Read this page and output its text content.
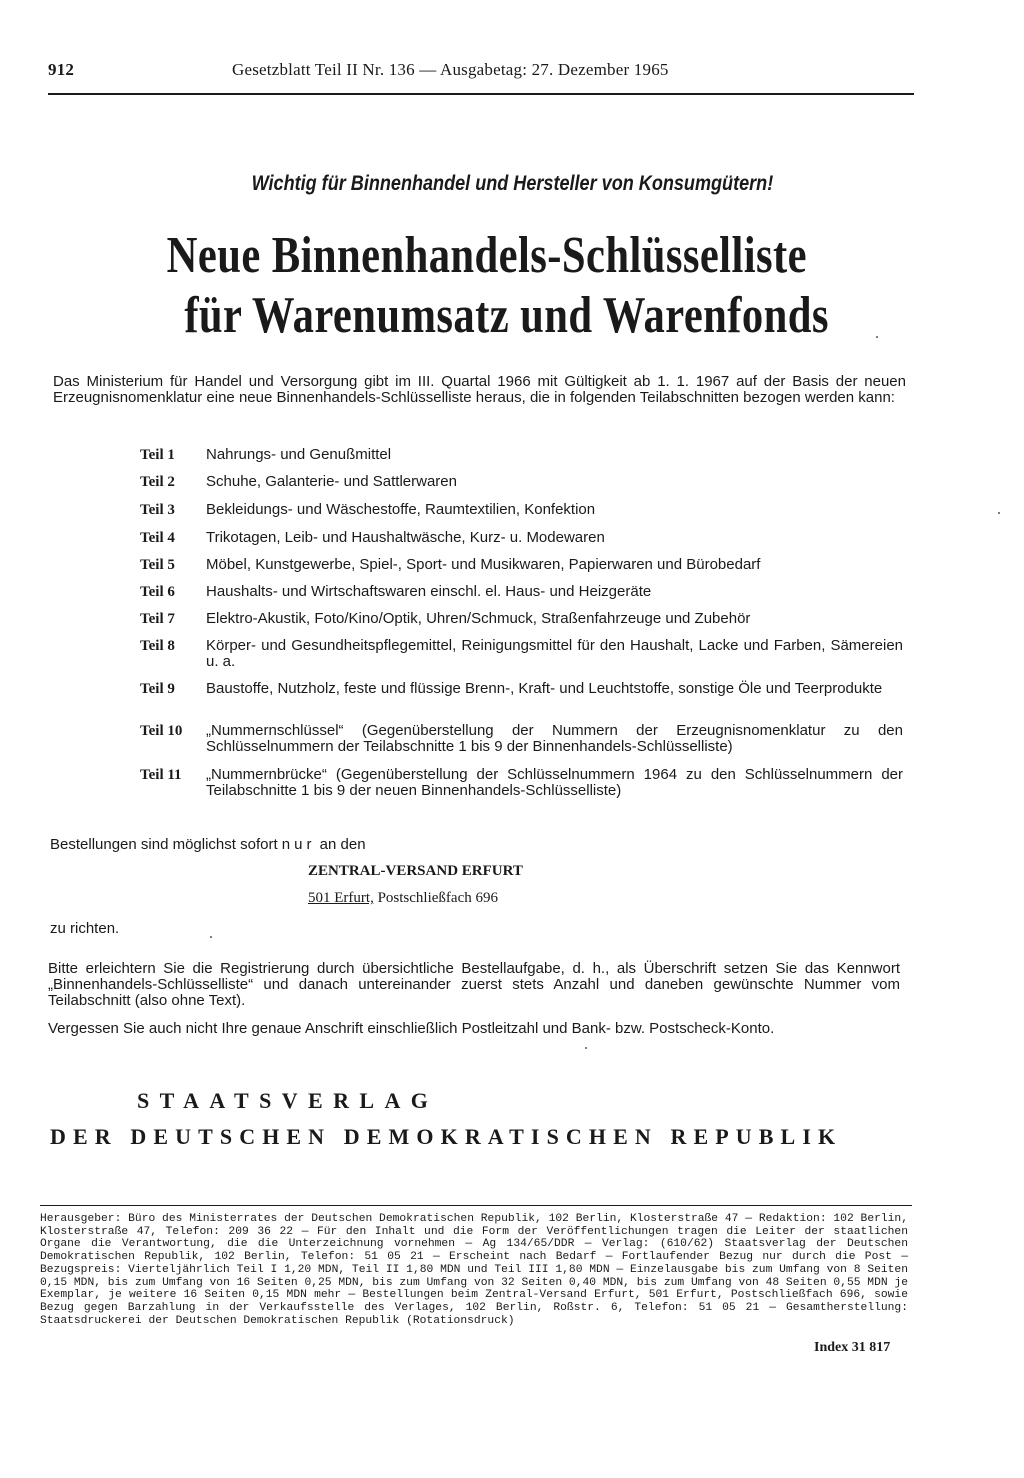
912	Gesetzblatt Teil II Nr. 136 — Ausgabetag: 27. Dezember 1965
Wichtig für Binnenhandel und Hersteller von Konsumgütern!
Neue Binnenhandels-Schlüsselliste
für Warenumsatz und Warenfonds
Das Ministerium für Handel und Versorgung gibt im III. Quartal 1966 mit Gültigkeit ab 1. 1. 1967 auf der Basis der neuen Erzeugnisnomenklatur eine neue Binnenhandels-Schlüsselliste heraus, die in folgenden Teilabschnitten bezogen werden kann:
Teil 1	Nahrungs- und Genußmittel
Teil 2	Schuhe, Galanterie- und Sattlerwaren
Teil 3	Bekleidungs- und Wäschestoffe, Raumtextilien, Konfektion
Teil 4	Trikotagen, Leib- und Haushaltwäsche, Kurz- u. Modewaren
Teil 5	Möbel, Kunstgewerbe, Spiel-, Sport- und Musikwaren, Papierwaren und Bürobedarf
Teil 6	Haushalts- und Wirtschaftswaren einschl. el. Haus- und Heizgeräte
Teil 7	Elektro-Akustik, Foto/Kino/Optik, Uhren/Schmuck, Straßenfahrzeuge und Zubehör
Teil 8	Körper- und Gesundheitspflegemittel, Reinigungsmittel für den Haushalt, Lacke und Farben, Sämereien u. a.
Teil 9	Baustoffe, Nutzholz, feste und flüssige Brenn-, Kraft- und Leuchtstoffe, sonstige Öle und Teerprodukte
Teil 10	„Nummernschlüssel“ (Gegenüberstellung der Nummern der Erzeugnisnomenklatur zu den Schlüsselnummern der Teilabschnitte 1 bis 9 der Binnenhandels-Schlüsselliste)
Teil 11	„Nummernbrücke“ (Gegenüberstellung der Schlüsselnummern 1964 zu den Schlüsselnummern der Teilabschnitte 1 bis 9 der neuen Binnenhandels-Schlüsselliste)
Bestellungen sind möglichst sofort nur an den
ZENTRAL-VERSAND ERFURT
501 Erfurt, Postschließfach 696
zu richten.
Bitte erleichtern Sie die Registrierung durch übersichtliche Bestellaufgabe, d. h., als Überschrift setzen Sie das Kennwort „Binnenhandels-Schlüsselliste“ und danach untereinander zuerst stets Anzahl und daneben gewünschte Nummer vom Teilabschnitt (also ohne Text).
Vergessen Sie auch nicht Ihre genaue Anschrift einschließlich Postleitzahl und Bank- bzw. Postscheck-Konto.
STAATSVERLAG
DER DEUTSCHEN DEMOKRATISCHEN REPUBLIK
Herausgeber: Büro des Ministerrates der Deutschen Demokratischen Republik, 102 Berlin, Klosterstraße 47 — Redaktion: 102 Berlin, Klosterstraße 47, Telefon: 209 36 22 — Für den Inhalt und die Form der Veröffentlichungen tragen die Leiter der staatlichen Organe die Verantwortung, die die Unterzeichnung vornehmen — Ag 134/65/DDR — Verlag: (610/62) Staatsverlag der Deutschen Demokratischen Republik, 102 Berlin, Telefon: 51 05 21 — Erscheint nach Bedarf — Fortlaufender Bezug nur durch die Post — Bezugspreis: Vierteljährlich Teil I 1,20 MDN, Teil II 1,80 MDN und Teil III 1,80 MDN — Einzelausgabe bis zum Umfang von 8 Seiten 0,15 MDN, bis zum Umfang von 16 Seiten 0,25 MDN, bis zum Umfang von 32 Seiten 0,40 MDN, bis zum Umfang von 48 Seiten 0,55 MDN je Exemplar, je weitere 16 Seiten 0,15 MDN mehr — Bestellungen beim Zentral-Versand Erfurt, 501 Erfurt, Postschließfach 696, sowie Bezug gegen Barzahlung in der Verkaufsstelle des Verlages, 102 Berlin, Roßstr. 6, Telefon: 51 05 21 — Gesamtherstellung: Staatsdruckerei der Deutschen Demokratischen Republik (Rotationsdruck)
Index 31 817
